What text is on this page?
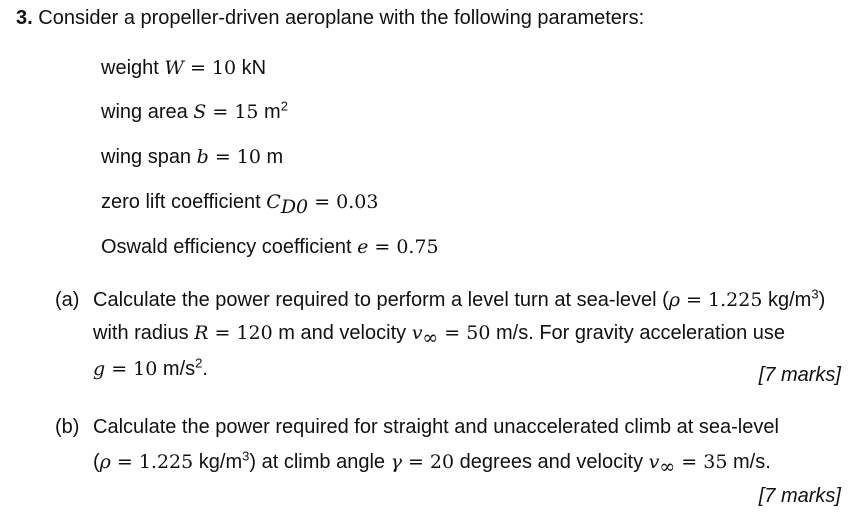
3. Consider a propeller-driven aeroplane with the following parameters:
weight W = 10 kN
wing area S = 15 $m^2$
wing span b = 10 m
zero lift coefficient $C_{D0} = 0.03$
Oswald efficiency coefficient e = 0.75
(a) Calculate the power required to perform a level turn at sea-level (ρ = 1.225 $kg/m^3$)
with radius R = 120 m and velocity $v_\infty = 50$ m/s. For gravity acceleration use
g = 10 $m/s^2$.	[7 marks]
(b) Calculate the power required for straight and unaccelerated climb at sea-level
(ρ = 1.225 $kg/m^3$) at climb angle γ = 20 degrees and velocity $v_\infty = 35$ m/s.
[7 marks]
